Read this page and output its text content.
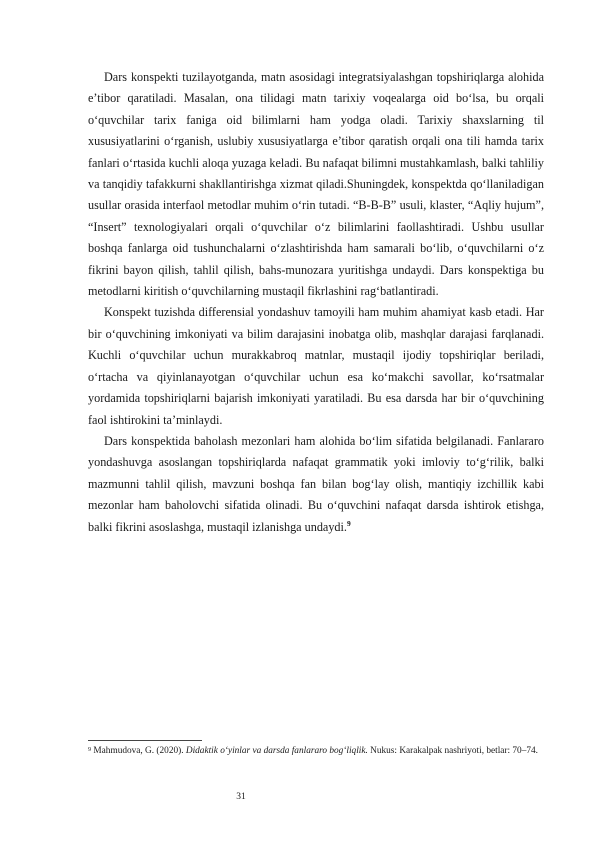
Dars konspekti tuzilayotganda, matn asosidagi integratsiyalashgan topshiriqlarga alohida e’tibor qaratiladi. Masalan, ona tilidagi matn tarixiy voqealarga oid bo‘lsa, bu orqali o‘quvchilar tarix faniga oid bilimlarni ham yodga oladi. Tarixiy shaxslarning til xususiyatlarini o‘rganish, uslubiy xususiyatlarga e’tibor qaratish orqali ona tili hamda tarix fanlari o‘rtasida kuchli aloqa yuzaga keladi. Bu nafaqat bilimni mustahkamlash, balki tahliliy va tanqidiy tafakkurni shakllantirishga xizmat qiladi.Shuningdek, konspektda qo‘llaniladigan usullar orasida interfaol metodlar muhim o‘rin tutadi. “B-B-B” usuli, klaster, “Aqliy hujum”, “Insert” texnologiyalari orqali o‘quvchilar o‘z bilimlarini faollashtiradi. Ushbu usullar boshqa fanlarga oid tushunchalarni o‘zlashtirishda ham samarali bo‘lib, o‘quvchilarni o‘z fikrini bayon qilish, tahlil qilish, bahs-munozara yuritishga undaydi. Dars konspektiga bu metodlarni kiritish o‘quvchilarning mustaqil fikrlashini rag‘batlantiradi.

Konspekt tuzishda differensial yondashuv tamoyili ham muhim ahamiyat kasb etadi. Har bir o‘quvchining imkoniyati va bilim darajasini inobatga olib, mashqlar darajasi farqlanadi. Kuchli o‘quvchilar uchun murakkabroq matnlar, mustaqil ijodiy topshiriqlar beriladi, o‘rtacha va qiyinlanayotgan o‘quvchilar uchun esa ko‘makchi savollar, ko‘rsatmalar yordamida topshiriqlarni bajarish imkoniyati yaratiladi. Bu esa darsda har bir o‘quvchining faol ishtirokini ta’minlaydi.

Dars konspektida baholash mezonlari ham alohida bo‘lim sifatida belgilanadi. Fanlararo yondashuvga asoslangan topshiriqlarda nafaqat grammatik yoki imloviy to‘g‘rilik, balki mazmunni tahlil qilish, mavzuni boshqa fan bilan bog‘lay olish, mantiqiy izchillik kabi mezonlar ham baholovchi sifatida olinadi. Bu o‘quvchini nafaqat darsda ishtirok etishga, balki fikrini asoslashga, mustaqil izlanishga undaydi.$^9$

$^9$ Mahmudova, G. (2020). Didaktik o‘yinlar va darsda fanlararo bog‘liqlik. Nukus: Karakalpak nashriyoti, betlar: 70–74.

31
